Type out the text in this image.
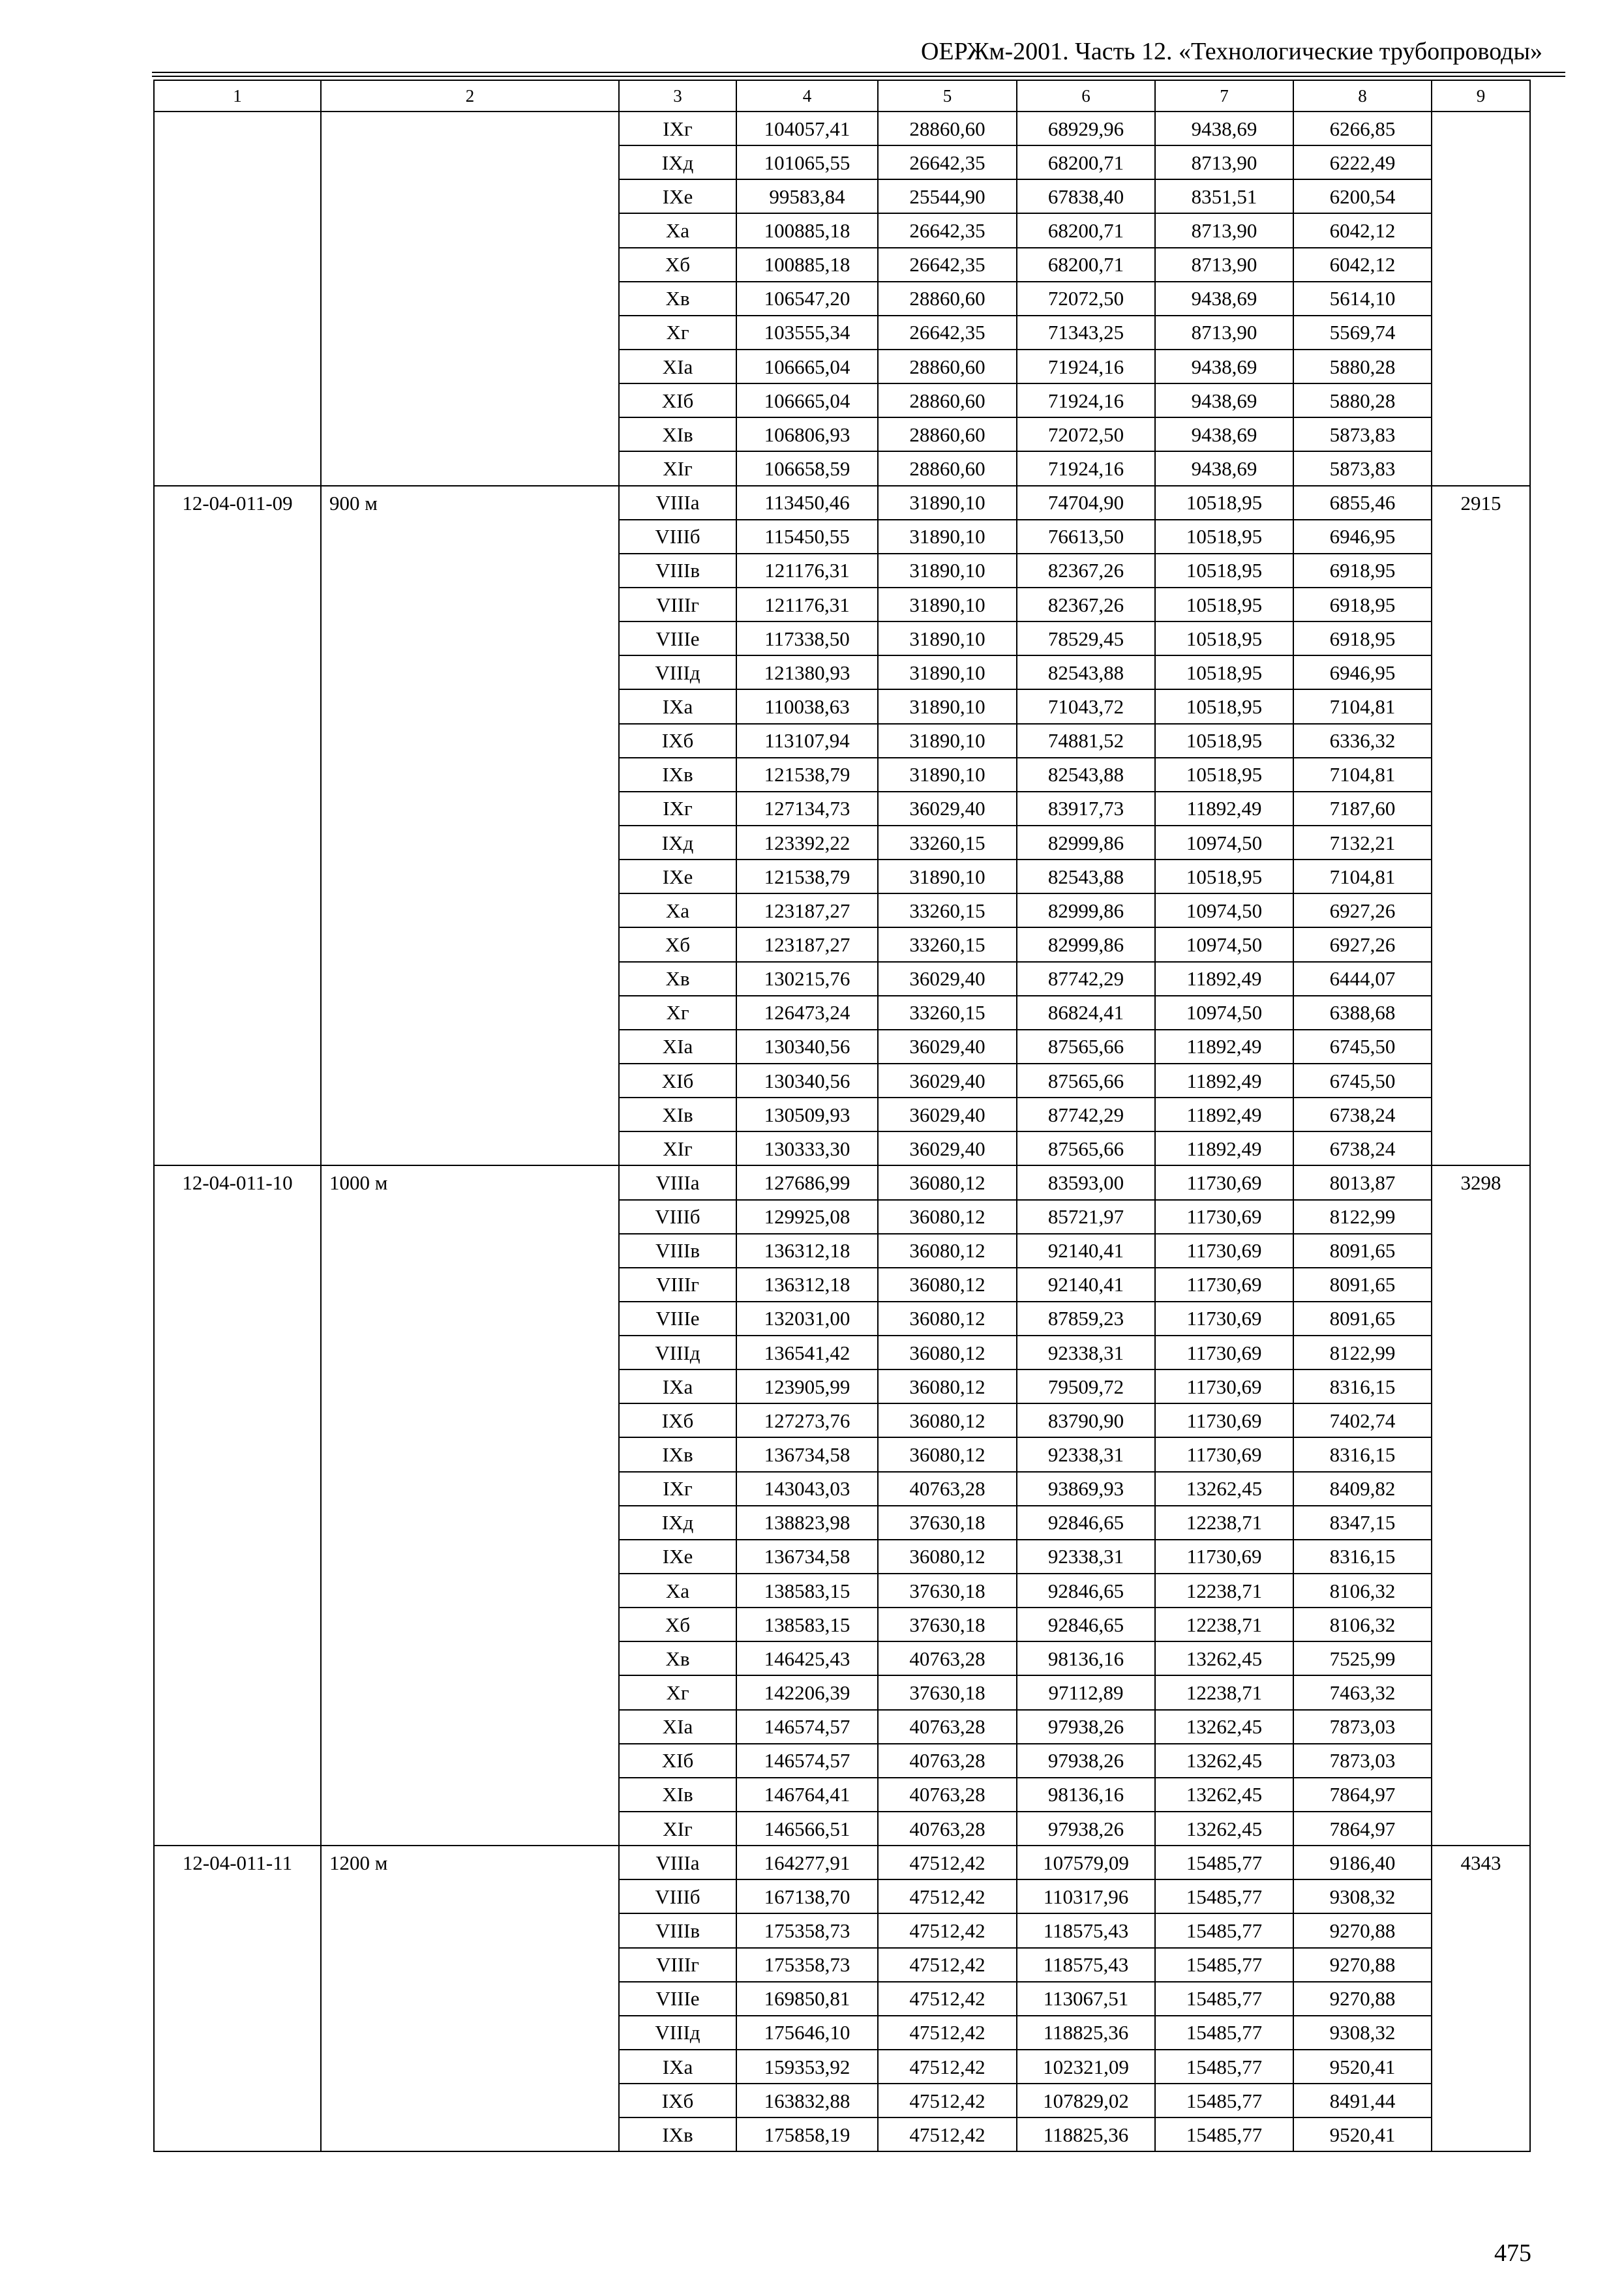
ОЕРЖм-2001. Часть 12. «Технологические трубопроводы»
1	2	3	4	5	6	7	8	9
		IXг	104057,41	28860,60	68929,96	9438,69	6266,85	
		IXд	101065,55	26642,35	68200,71	8713,90	6222,49	
		IXе	99583,84	25544,90	67838,40	8351,51	6200,54	
		Xа	100885,18	26642,35	68200,71	8713,90	6042,12	
		Xб	100885,18	26642,35	68200,71	8713,90	6042,12	
		Xв	106547,20	28860,60	72072,50	9438,69	5614,10	
		Xг	103555,34	26642,35	71343,25	8713,90	5569,74	
		XIа	106665,04	28860,60	71924,16	9438,69	5880,28	
		XIб	106665,04	28860,60	71924,16	9438,69	5880,28	
		XIв	106806,93	28860,60	72072,50	9438,69	5873,83	
		XIг	106658,59	28860,60	71924,16	9438,69	5873,83	
12-04-011-09	900 м	VIIIа	113450,46	31890,10	74704,90	10518,95	6855,46	2915
		VIIIб	115450,55	31890,10	76613,50	10518,95	6946,95	
		VIIIв	121176,31	31890,10	82367,26	10518,95	6918,95	
		VIIIг	121176,31	31890,10	82367,26	10518,95	6918,95	
		VIIIе	117338,50	31890,10	78529,45	10518,95	6918,95	
		VIIIд	121380,93	31890,10	82543,88	10518,95	6946,95	
		IXа	110038,63	31890,10	71043,72	10518,95	7104,81	
		IXб	113107,94	31890,10	74881,52	10518,95	6336,32	
		IXв	121538,79	31890,10	82543,88	10518,95	7104,81	
		IXг	127134,73	36029,40	83917,73	11892,49	7187,60	
		IXд	123392,22	33260,15	82999,86	10974,50	7132,21	
		IXе	121538,79	31890,10	82543,88	10518,95	7104,81	
		Xа	123187,27	33260,15	82999,86	10974,50	6927,26	
		Xб	123187,27	33260,15	82999,86	10974,50	6927,26	
		Xв	130215,76	36029,40	87742,29	11892,49	6444,07	
		Xг	126473,24	33260,15	86824,41	10974,50	6388,68	
		XIа	130340,56	36029,40	87565,66	11892,49	6745,50	
		XIб	130340,56	36029,40	87565,66	11892,49	6745,50	
		XIв	130509,93	36029,40	87742,29	11892,49	6738,24	
		XIг	130333,30	36029,40	87565,66	11892,49	6738,24	
12-04-011-10	1000 м	VIIIа	127686,99	36080,12	83593,00	11730,69	8013,87	3298
		VIIIб	129925,08	36080,12	85721,97	11730,69	8122,99	
		VIIIв	136312,18	36080,12	92140,41	11730,69	8091,65	
		VIIIг	136312,18	36080,12	92140,41	11730,69	8091,65	
		VIIIе	132031,00	36080,12	87859,23	11730,69	8091,65	
		VIIIд	136541,42	36080,12	92338,31	11730,69	8122,99	
		IXа	123905,99	36080,12	79509,72	11730,69	8316,15	
		IXб	127273,76	36080,12	83790,90	11730,69	7402,74	
		IXв	136734,58	36080,12	92338,31	11730,69	8316,15	
		IXг	143043,03	40763,28	93869,93	13262,45	8409,82	
		IXд	138823,98	37630,18	92846,65	12238,71	8347,15	
		IXе	136734,58	36080,12	92338,31	11730,69	8316,15	
		Xа	138583,15	37630,18	92846,65	12238,71	8106,32	
		Xб	138583,15	37630,18	92846,65	12238,71	8106,32	
		Xв	146425,43	40763,28	98136,16	13262,45	7525,99	
		Xг	142206,39	37630,18	97112,89	12238,71	7463,32	
		XIа	146574,57	40763,28	97938,26	13262,45	7873,03	
		XIб	146574,57	40763,28	97938,26	13262,45	7873,03	
		XIв	146764,41	40763,28	98136,16	13262,45	7864,97	
		XIг	146566,51	40763,28	97938,26	13262,45	7864,97	
12-04-011-11	1200 м	VIIIа	164277,91	47512,42	107579,09	15485,77	9186,40	4343
		VIIIб	167138,70	47512,42	110317,96	15485,77	9308,32	
		VIIIв	175358,73	47512,42	118575,43	15485,77	9270,88	
		VIIIг	175358,73	47512,42	118575,43	15485,77	9270,88	
		VIIIе	169850,81	47512,42	113067,51	15485,77	9270,88	
		VIIIд	175646,10	47512,42	118825,36	15485,77	9308,32	
		IXа	159353,92	47512,42	102321,09	15485,77	9520,41	
		IXб	163832,88	47512,42	107829,02	15485,77	8491,44	
		IXв	175858,19	47512,42	118825,36	15485,77	9520,41	
475
